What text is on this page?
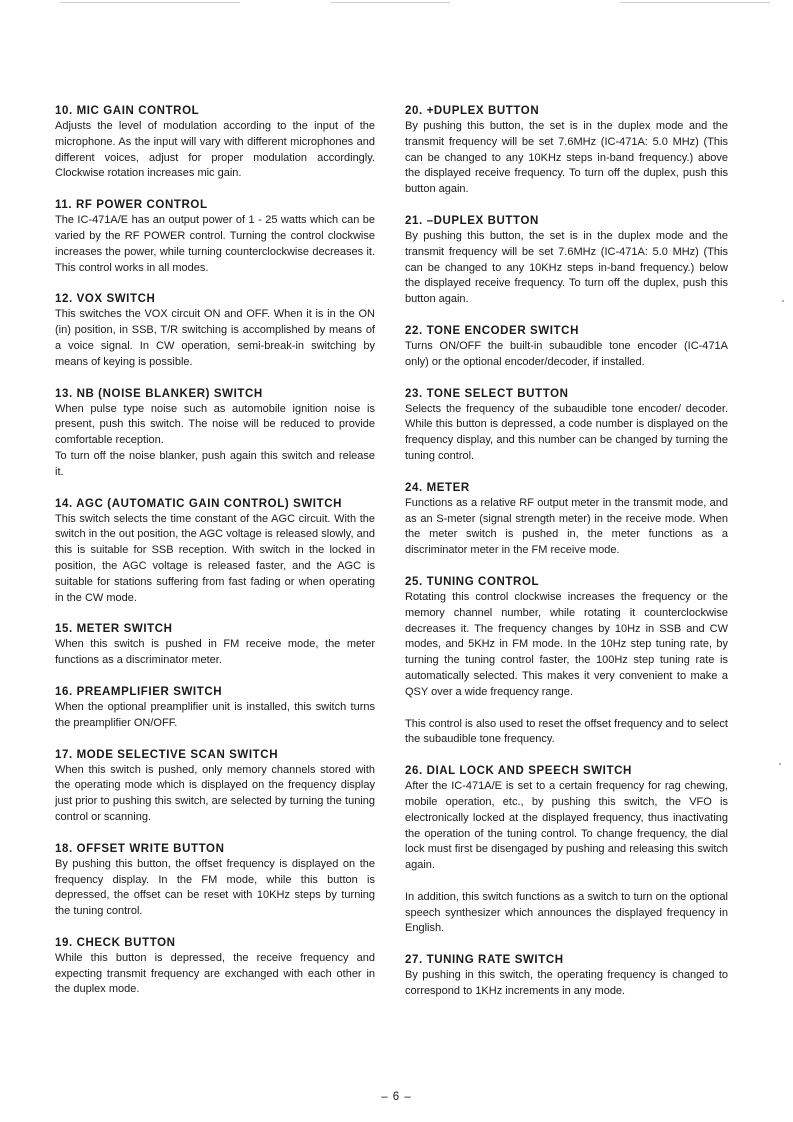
10. MIC GAIN CONTROL

Adjusts the level of modulation according to the input of the microphone. As the input will vary with different microphones and different voices, adjust for proper modulation accordingly. Clockwise rotation increases mic gain.

11. RF POWER CONTROL

The IC-471A/E has an output power of 1 - 25 watts which can be varied by the RF POWER control. Turning the control clockwise increases the power, while turning counterclockwise decreases it. This control works in all modes.

12. VOX SWITCH

This switches the VOX circuit ON and OFF. When it is in the ON (in) position, in SSB, T/R switching is accomplished by means of a voice signal. In CW operation, semi-break-in switching by means of keying is possible.

13. NB (NOISE BLANKER) SWITCH

When pulse type noise such as automobile ignition noise is present, push this switch. The noise will be reduced to provide comfortable reception.
To turn off the noise blanker, push again this switch and release it.

14. AGC (AUTOMATIC GAIN CONTROL) SWITCH

This switch selects the time constant of the AGC circuit. With the switch in the out position, the AGC voltage is released slowly, and this is suitable for SSB reception. With switch in the locked in position, the AGC voltage is released faster, and the AGC is suitable for stations suffering from fast fading or when operating in the CW mode.

15. METER SWITCH

When this switch is pushed in FM receive mode, the meter functions as a discriminator meter.

16. PREAMPLIFIER SWITCH

When the optional preamplifier unit is installed, this switch turns the preamplifier ON/OFF.

17. MODE SELECTIVE SCAN SWITCH

When this switch is pushed, only memory channels stored with the operating mode which is displayed on the frequency display just prior to pushing this switch, are selected by turning the tuning control or scanning.

18. OFFSET WRITE BUTTON

By pushing this button, the offset frequency is displayed on the frequency display. In the FM mode, while this button is depressed, the offset can be reset with 10KHz steps by turning the tuning control.

19. CHECK BUTTON

While this button is depressed, the receive frequency and expecting transmit frequency are exchanged with each other in the duplex mode.

20. +DUPLEX BUTTON

By pushing this button, the set is in the duplex mode and the transmit frequency will be set 7.6MHz (IC-471A: 5.0 MHz) (This can be changed to any 10KHz steps in-band frequency.) above the displayed receive frequency. To turn off the duplex, push this button again.

21. –DUPLEX BUTTON

By pushing this button, the set is in the duplex mode and the transmit frequency will be set 7.6MHz (IC-471A: 5.0 MHz) (This can be changed to any 10KHz steps in-band frequency.) below the displayed receive frequency. To turn off the duplex, push this button again.

22. TONE ENCODER SWITCH

Turns ON/OFF the built-in subaudible tone encoder (IC-471A only) or the optional encoder/decoder, if installed.

23. TONE SELECT BUTTON

Selects the frequency of the subaudible tone encoder/ decoder. While this button is depressed, a code number is displayed on the frequency display, and this number can be changed by turning the tuning control.

24. METER

Functions as a relative RF output meter in the transmit mode, and as an S-meter (signal strength meter) in the receive mode. When the meter switch is pushed in, the meter functions as a discriminator meter in the FM receive mode.

25. TUNING CONTROL

Rotating this control clockwise increases the frequency or the memory channel number, while rotating it counterclockwise decreases it. The frequency changes by 10Hz in SSB and CW modes, and 5KHz in FM mode. In the 10Hz step tuning rate, by turning the tuning control faster, the 100Hz step tuning rate is automatically selected. This makes it very convenient to make a QSY over a wide frequency range.

This control is also used to reset the offset frequency and to select the subaudible tone frequency.

26. DIAL LOCK AND SPEECH SWITCH

After the IC-471A/E is set to a certain frequency for rag chewing, mobile operation, etc., by pushing this switch, the VFO is electronically locked at the displayed frequency, thus inactivating the operation of the tuning control. To change frequency, the dial lock must first be disengaged by pushing and releasing this switch again.

In addition, this switch functions as a switch to turn on the optional speech synthesizer which announces the displayed frequency in English.

27. TUNING RATE SWITCH

By pushing in this switch, the operating frequency is changed to correspond to 1KHz increments in any mode.

– 6 –
